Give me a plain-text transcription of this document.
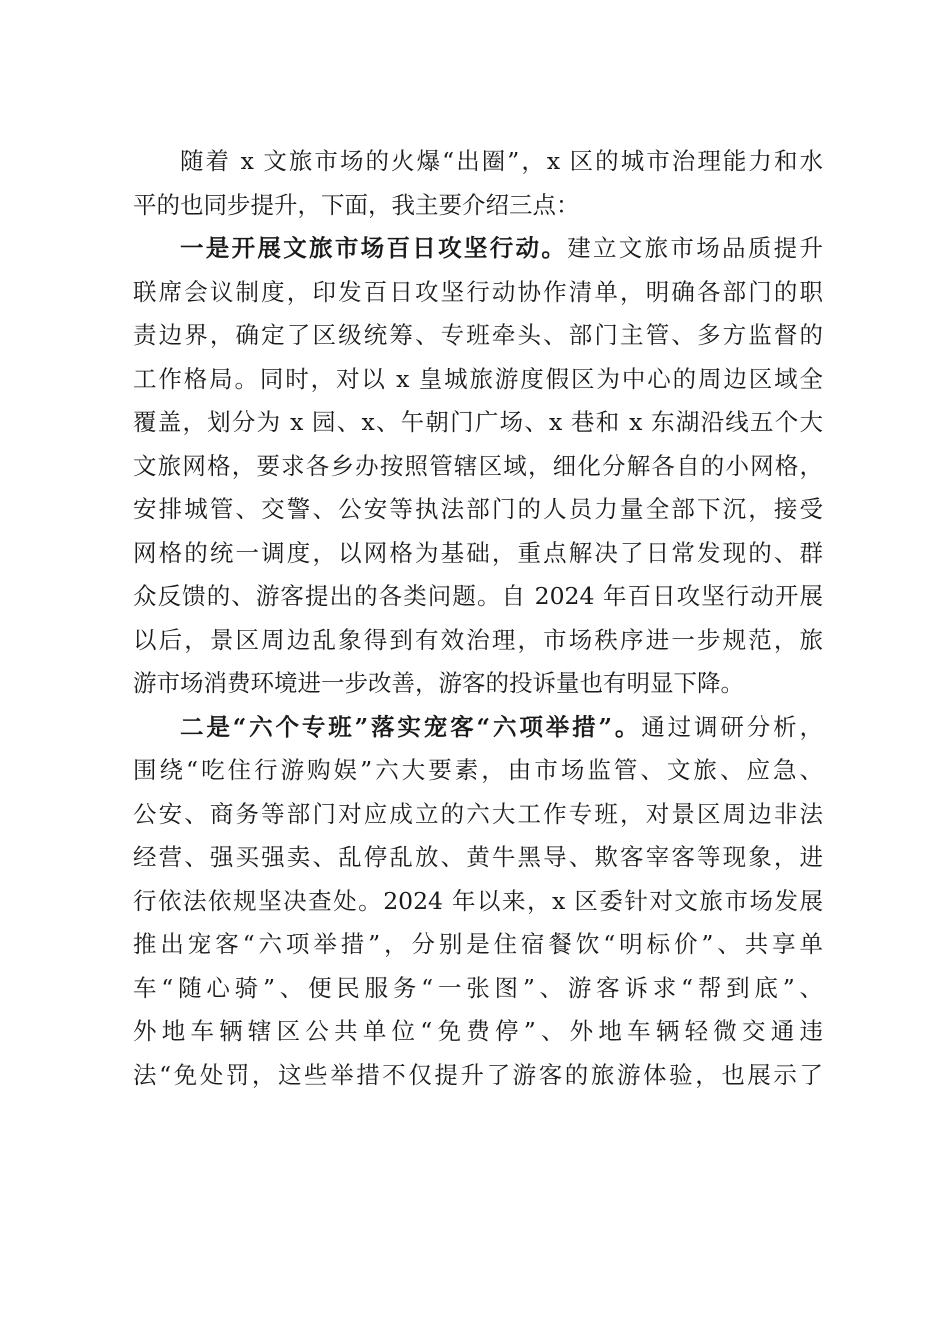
随着 x 文旅市场的火爆“出圈”，x 区的城市治理能力和水
平的也同步提升，下面，我主要介绍三点：
一是开展文旅市场百日攻坚行动。建立文旅市场品质提升
联席会议制度，印发百日攻坚行动协作清单，明确各部门的职
责边界，确定了区级统筹、专班牵头、部门主管、多方监督的
工作格局。同时，对以 x 皇城旅游度假区为中心的周边区域全
覆盖，划分为 x 园、x、午朝门广场、x 巷和 x 东湖沿线五个大
文旅网格，要求各乡办按照管辖区域，细化分解各自的小网格，
安排城管、交警、公安等执法部门的人员力量全部下沉，接受
网格的统一调度，以网格为基础，重点解决了日常发现的、群
众反馈的、游客提出的各类问题。自 2024 年百日攻坚行动开展
以后，景区周边乱象得到有效治理，市场秩序进一步规范，旅
游市场消费环境进一步改善，游客的投诉量也有明显下降。
二是“六个专班”落实宠客“六项举措”。通过调研分析，
围绕“吃住行游购娱”六大要素，由市场监管、文旅、应急、
公安、商务等部门对应成立的六大工作专班，对景区周边非法
经营、强买强卖、乱停乱放、黄牛黑导、欺客宰客等现象，进
行依法依规坚决查处。2024 年以来，x 区委针对文旅市场发展
推出宠客“六项举措”，分别是住宿餐饮“明标价”、共享单
车“随心骑”、便民服务“一张图”、游客诉求“帮到底”、
外地车辆辖区公共单位“免费停”、外地车辆轻微交通违
法“免处罚，这些举措不仅提升了游客的旅游体验，也展示了
